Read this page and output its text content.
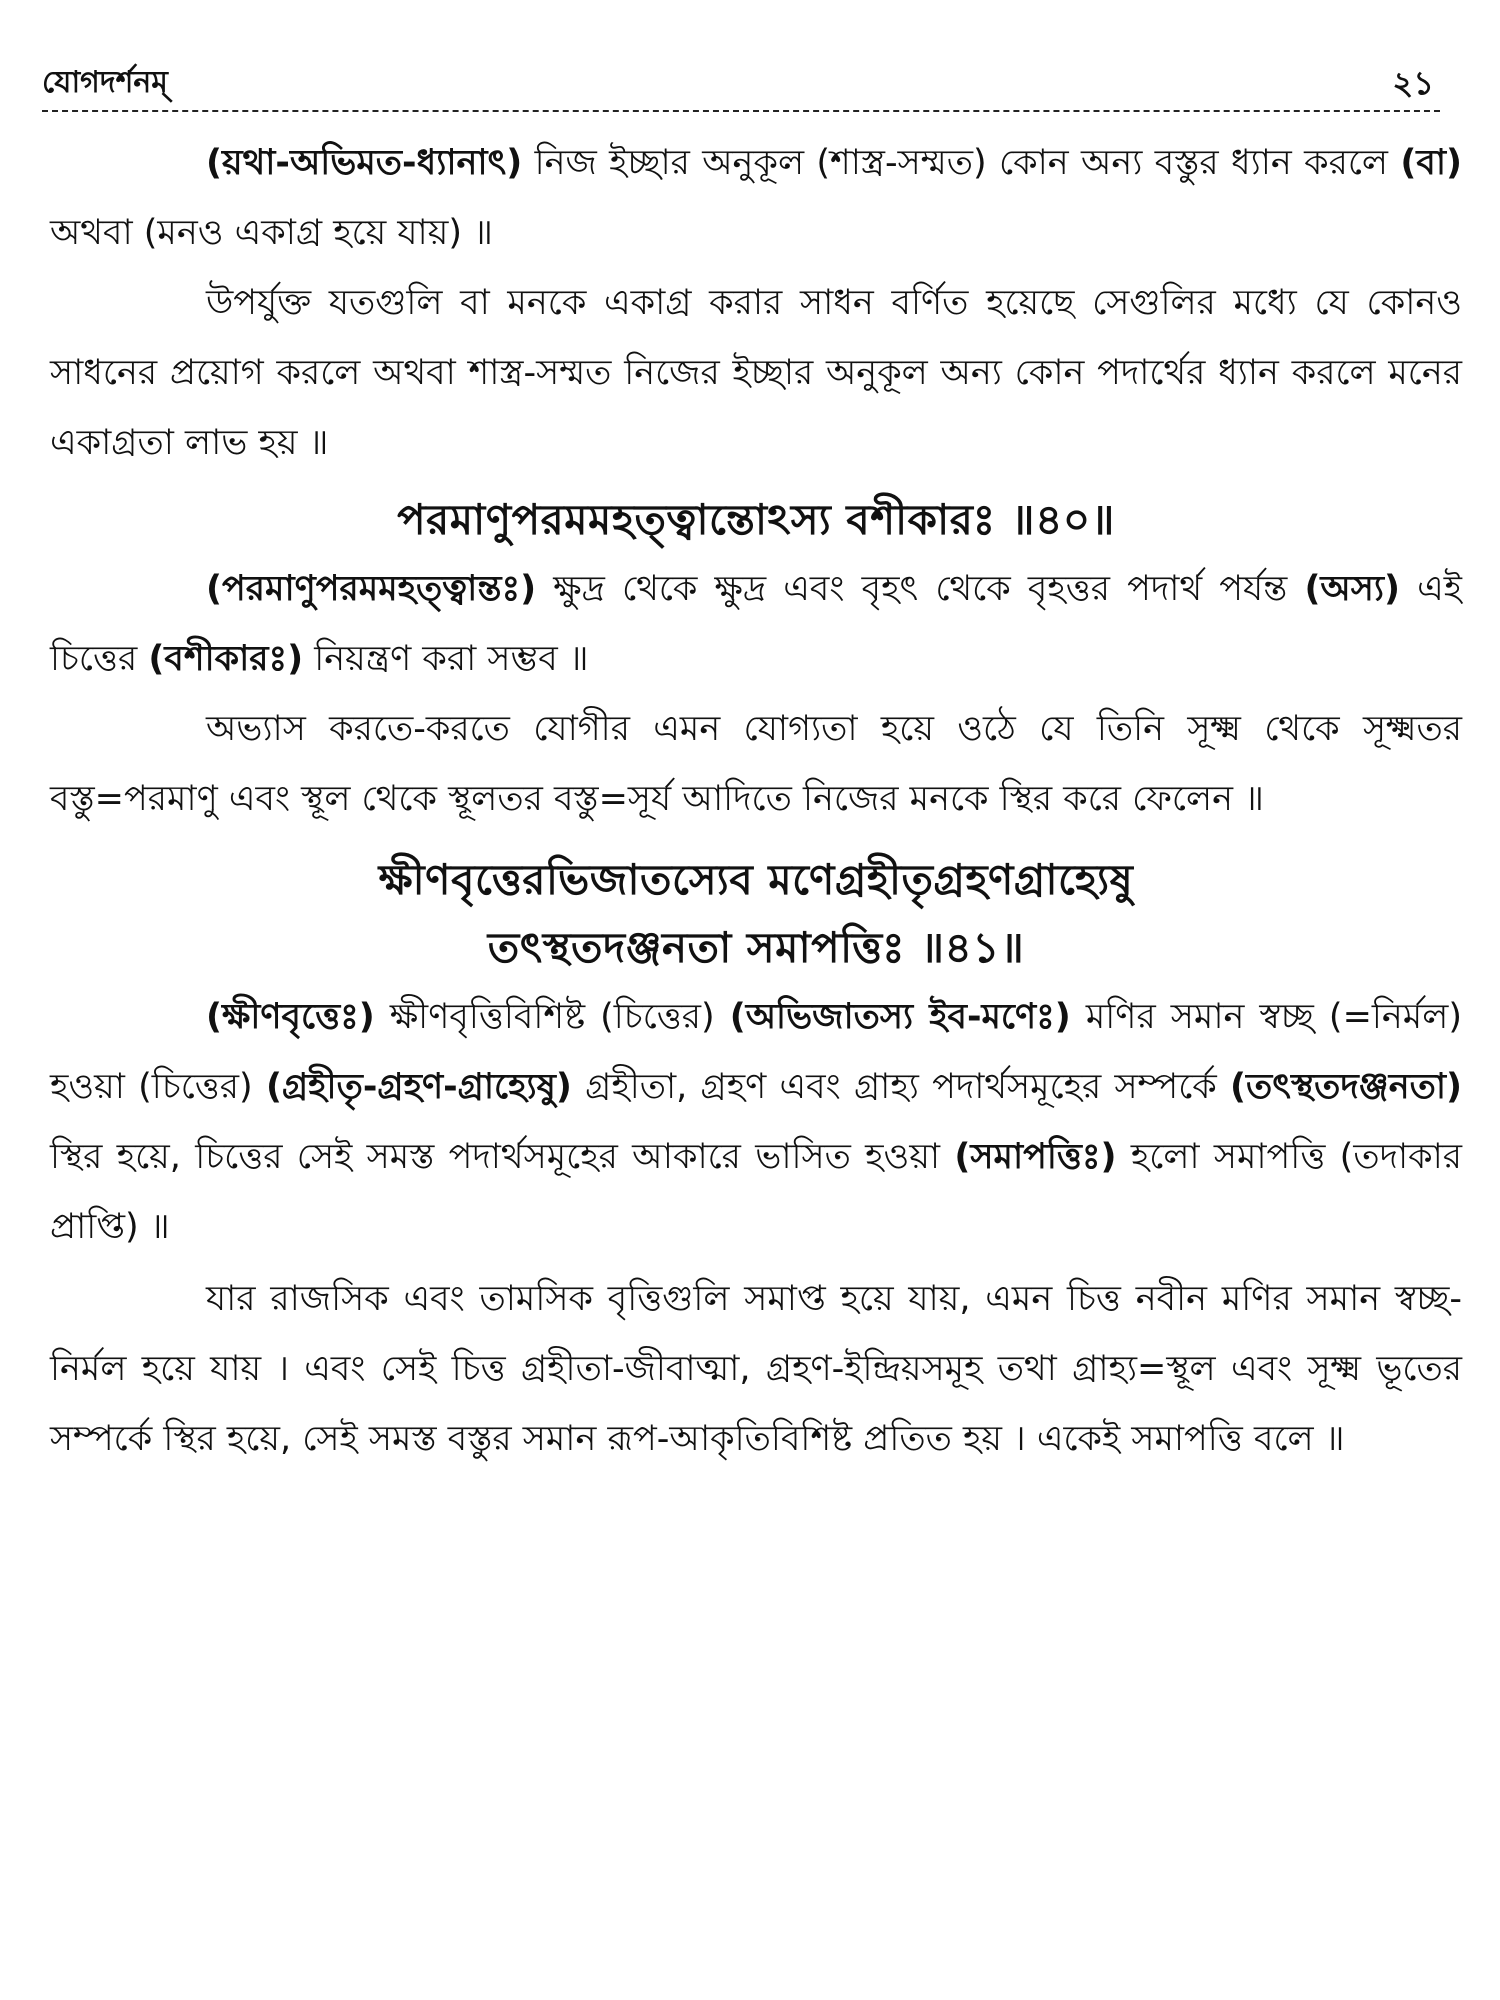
যোগদর্শনম্	২১

(য়থা-অভিমত-ধ্যানাৎ) নিজ ইচ্ছার অনুকূল (শাস্ত্র-সম্মত) কোন অন্য বস্তুর ধ্যান করলে (বা) অথবা (মনও একাগ্র হয়ে যায়) ॥

উপর্যুক্ত যতগুলি বা মনকে একাগ্র করার সাধন বর্ণিত হয়েছে সেগুলির মধ্যে যে কোনও সাধনের প্রয়োগ করলে অথবা শাস্ত্র-সম্মত নিজের ইচ্ছার অনুকূল অন্য কোন পদার্থের ধ্যান করলে মনের একাগ্রতা লাভ হয় ॥

পরমাণুপরমমহত্ত্বান্তোঽস্য বশীকারঃ ॥৪০॥

(পরমাণুপরমমহত্ত্বান্তঃ) ক্ষুদ্র থেকে ক্ষুদ্র এবং বৃহৎ থেকে বৃহত্তর পদার্থ পর্যন্ত (অস্য) এই চিত্তের (বশীকারঃ) নিয়ন্ত্রণ করা সম্ভব ॥

অভ্যাস করতে-করতে যোগীর এমন যোগ্যতা হয়ে ওঠে যে তিনি সূক্ষ্ম থেকে সূক্ষ্মতর বস্তু=পরমাণু এবং স্থূল থেকে স্থূলতর বস্তু=সূর্য আদিতে নিজের মনকে স্থির করে ফেলেন ॥

ক্ষীণবৃত্তেরভিজাতস্যেব মণেগ্রহীতৃগ্রহণগ্রাহ্যেষু

তৎস্থতদঞ্জনতা সমাপত্তিঃ ॥৪১॥

(ক্ষীণবৃত্তেঃ) ক্ষীণবৃত্তিবিশিষ্ট (চিত্তের) (অভিজাতস্য ইব-মণেঃ) মণির সমান স্বচ্ছ (=নির্মল) হওয়া (চিত্তের) (গ্রহীতৃ-গ্রহণ-গ্রাহ্যেষু) গ্রহীতা, গ্রহণ এবং গ্রাহ্য পদার্থসমূহের সম্পর্কে (তৎস্থতদঞ্জনতা) স্থির হয়ে, চিত্তের সেই সমস্ত পদার্থসমূহের আকারে ভাসিত হওয়া (সমাপত্তিঃ) হলো সমাপত্তি (তদাকার প্রাপ্তি) ॥

যার রাজসিক এবং তামসিক বৃত্তিগুলি সমাপ্ত হয়ে যায়, এমন চিত্ত নবীন মণির সমান স্বচ্ছ-নির্মল হয়ে যায় । এবং সেই চিত্ত গ্রহীতা-জীবাত্মা, গ্রহণ-ইন্দ্রিয়সমূহ তথা গ্রাহ্য=স্থূল এবং সূক্ষ্ম ভূতের সম্পর্কে স্থির হয়ে, সেই সমস্ত বস্তুর সমান রূপ-আকৃতিবিশিষ্ট প্রতিত হয় । একেই সমাপত্তি বলে ॥
